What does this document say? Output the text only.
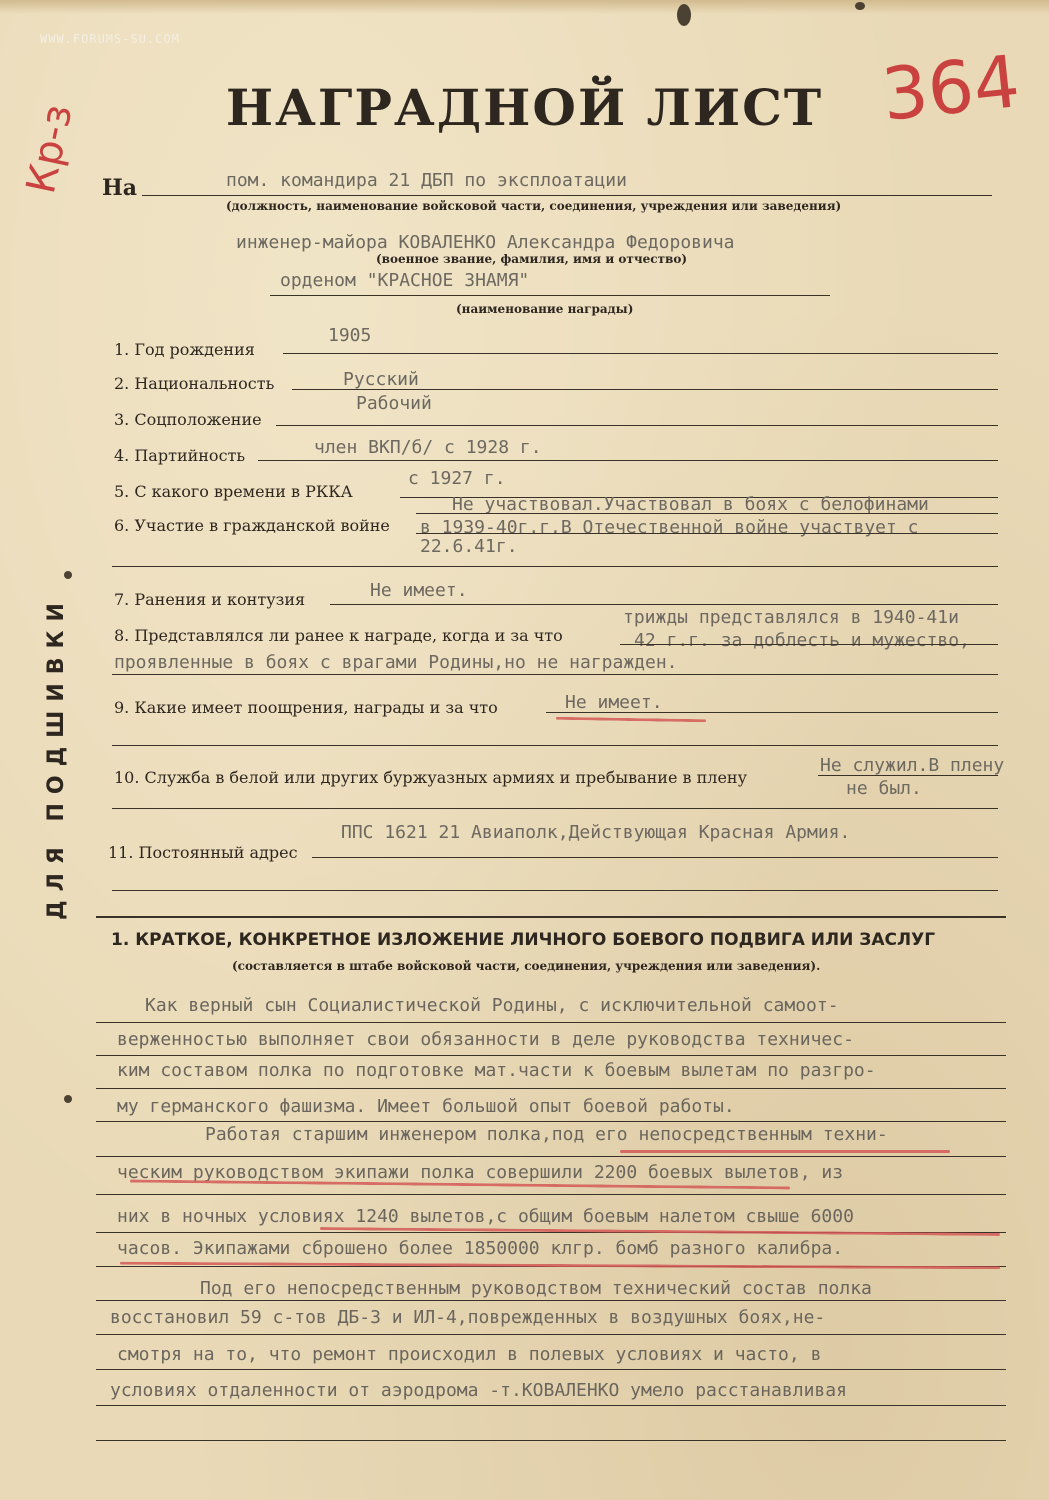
WWW.FORUMS-SU.COM
Кр-з
364
НАГРАДНОЙ ЛИСТ
ДЛЯ ПОДШИВКИ
На	пом. командира 21 ДБП по эксплоатации
(должность, наименование войсковой части, соединения, учреждения или заведения)
инженер-майора КОВАЛЕНКО Александра Федоровича
(военное звание, фамилия, имя и отчество)
орденом "КРАСНОЕ ЗНАМЯ"
(наименование награды)
1. Год рождения
1905
2. Национальность	Русский
3. Соцположение
Рабочий
4. Партийность	член ВКП/б/ с 1928 г.
5. С какого времени в РККА
с 1927 г.
6. Участие в гражданской войне
Не участвовал.Участвовал в боях с белофинами
в 1939-40г.г.В Отечественной войне участвует с
22.6.41г.
7. Ранения и контузия	Не имеет.
8. Представлялся ли ранее к награде, когда и за что
трижды представлялся в 1940-41и
42 г.г. за доблесть и мужество,
проявленные в боях с врагами Родины,но не награжден.
9. Какие имеет поощрения, награды и за что	Не имеет.
10. Служба в белой или других буржуазных армиях и пребывание в плену
Не служил.В плену
не был.
11. Постоянный адрес
ППС 1621 21 Авиаполк,Действующая Красная Армия.
1. КРАТКОЕ, КОНКРЕТНОЕ ИЗЛОЖЕНИЕ ЛИЧНОГО БОЕВОГО ПОДВИГА ИЛИ ЗАСЛУГ
(составляется в штабе войсковой части, соединения, учреждения или заведения).
Как верный сын Социалистической Родины, с исключительной самоот-
верженностью выполняет свои обязанности в деле руководства техничес-
ким составом полка по подготовке мат.части к боевым вылетам по разгро-
му германского фашизма. Имеет большой опыт боевой работы.
Работая старшим инженером полка,под его непосредственным техни-
ческим руководством экипажи полка совершили 2200 боевых вылетов, из
них в ночных условиях 1240 вылетов,с общим боевым налетом свыше 6000
часов. Экипажами сброшено более 1850000 клгр. бомб разного калибра.
Под его непосредственным руководством технический состав полка
восстановил 59 с-тов ДБ-3 и ИЛ-4,поврежденных в воздушных боях,не-
смотря на то, что ремонт происходил в полевых условиях и часто, в
условиях отдаленности от аэродрома -т.КОВАЛЕНКО умело расстанавливая
